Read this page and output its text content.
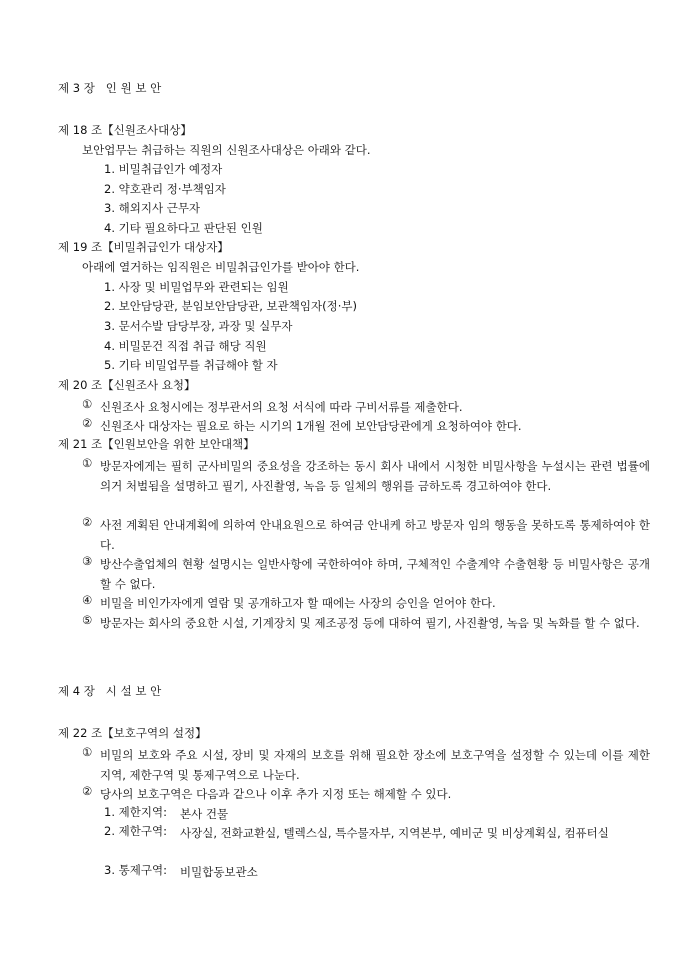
제 3 장   인 원 보 안
제 18 조【신원조사대상】
보안업무는 취급하는 직원의 신원조사대상은 아래와 같다.
1. 비밀취급인가 예정자
2. 약호관리 정·부책임자
3. 해외지사 근무자
4. 기타 필요하다고 판단된 인원
제 19 조【비밀취급인가 대상자】
아래에 열거하는 임직원은 비밀취급인가를 받아야 한다.
1. 사장 및 비밀업무와 관련되는 임원
2. 보안담당관, 분임보안담당관, 보관책임자(정·부)
3. 문서수발 담당부장, 과장 및 실무자
4. 비밀문건 직접 취급 해당 직원
5. 기타 비밀업무를 취급해야 할 자
제 20 조【신원조사 요청】
① 신원조사 요청시에는 정부관서의 요청 서식에 따라 구비서류를 제출한다.
② 신원조사 대상자는 필요로 하는 시기의 1개월 전에 보안담당관에게 요청하여야 한다.
제 21 조【인원보안을 위한 보안대책】
① 방문자에게는 필히 군사비밀의 중요성을 강조하는 동시 회사 내에서 시청한 비밀사항을 누설시는 관련 법률에 의거 처벌됨을 설명하고 필기, 사진촬영, 녹음 등 일체의 행위를 금하도록 경고하여야 한다.
② 사전 계획된 안내계획에 의하여 안내요원으로 하여금 안내케 하고 방문자 임의 행동을 못하도록 통제하여야 한다.
③ 방산수출업체의 현황 설명시는 일반사항에 국한하여야 하며, 구체적인 수출계약 수출현황 등 비밀사항은 공개할 수 없다.
④ 비밀을 비인가자에게 열람 및 공개하고자 할 때에는 사장의 승인을 얻어야 한다.
⑤ 방문자는 회사의 중요한 시설, 기계장치 및 제조공정 등에 대하여 필기, 사진촬영, 녹음 및 녹화를 할 수 없다.
제 4 장   시 설 보 안
제 22 조【보호구역의 설정】
① 비밀의 보호와 주요 시설, 장비 및 자재의 보호를 위해 필요한 장소에 보호구역을 설정할 수 있는데 이를 제한지역, 제한구역 및 통제구역으로 나눈다.
② 당사의 보호구역은 다음과 같으나 이후 추가 지정 또는 해제할 수 있다.
1. 제한지역: 본사 건물
2. 제한구역: 사장실, 전화교환실, 텔렉스실, 특수물자부, 지역본부, 예비군 및 비상계획실, 컴퓨터실
3. 통제구역: 비밀합동보관소
